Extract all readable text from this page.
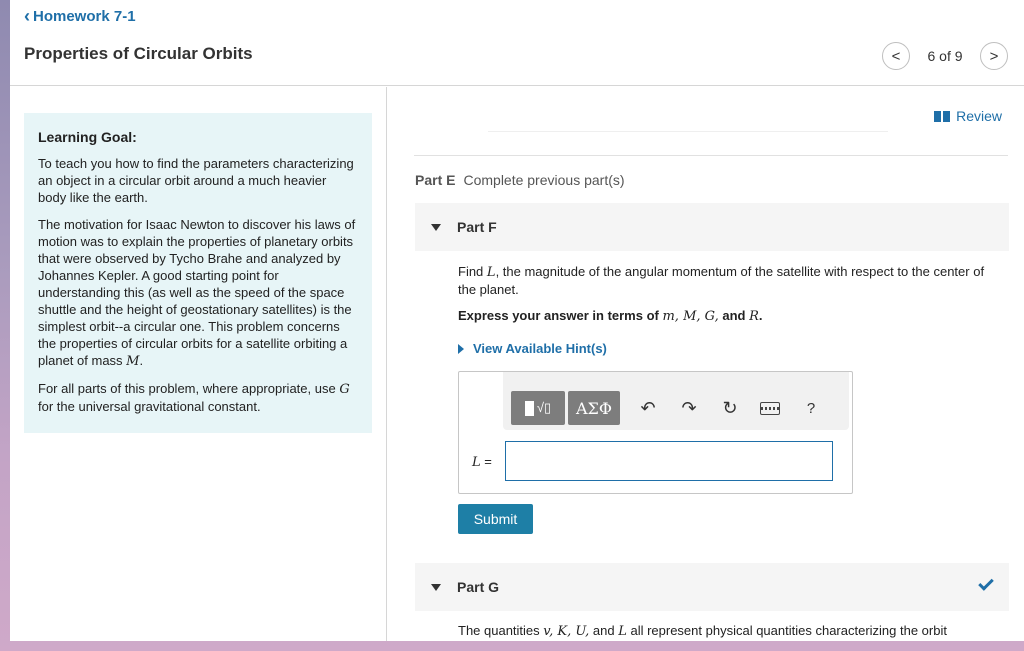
‹ Homework 7-1
Properties of Circular Orbits	<	6 of 9	>
Learning Goal:

To teach you how to find the parameters characterizing an object in a circular orbit around a much heavier body like the earth.

The motivation for Isaac Newton to discover his laws of motion was to explain the properties of planetary orbits that were observed by Tycho Brahe and analyzed by Johannes Kepler. A good starting point for understanding this (as well as the speed of the space shuttle and the height of geostationary satellites) is the simplest orbit--a circular one. This problem concerns the properties of circular orbits for a satellite orbiting a planet of mass M.

For all parts of this problem, where appropriate, use G for the universal gravitational constant.

Review
Part E Complete previous part(s)
Part F
Find L, the magnitude of the angular momentum of the satellite with respect to the center of the planet.
Express your answer in terms of m, M, G, and R.
View Available Hint(s)
√▯	ΑΣΦ	↶ ↷ ↻	?
L =
Submit
Part G
The quantities v, K, U, and L all represent physical quantities characterizing the orbit
